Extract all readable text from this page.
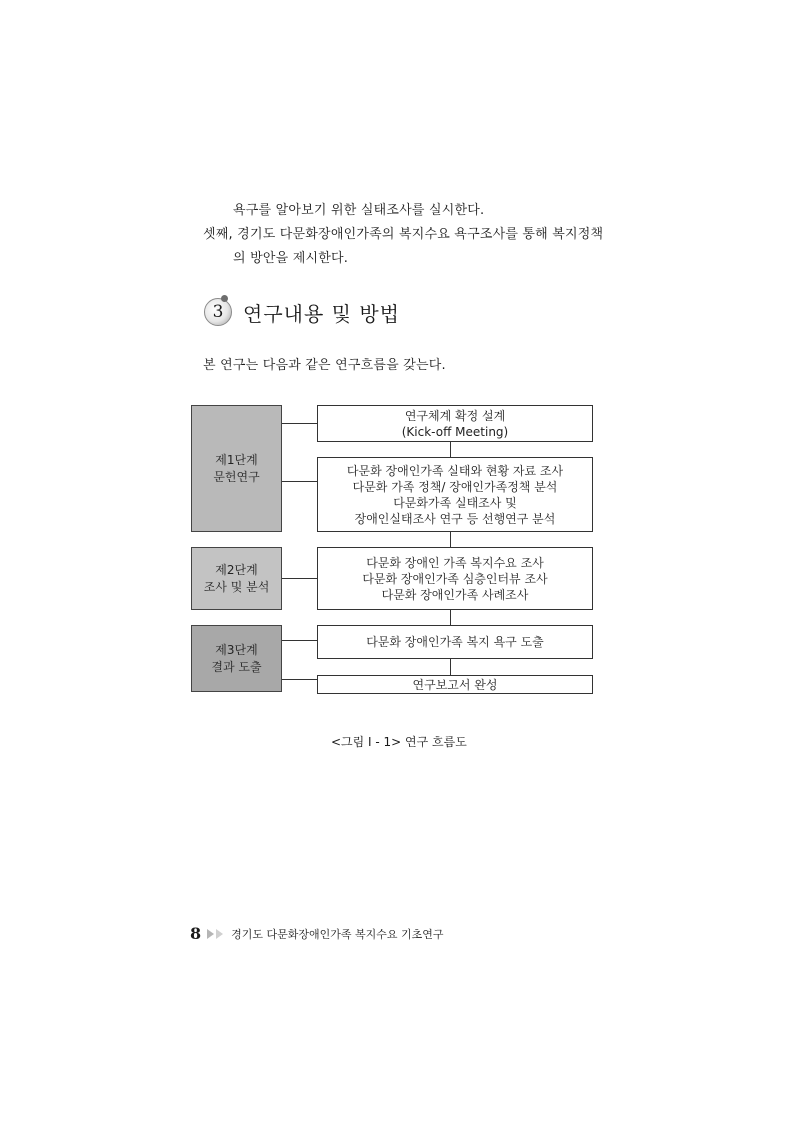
욕구를 알아보기 위한 실태조사를 실시한다.
셋째, 경기도 다문화장애인가족의 복지수요 욕구조사를 통해 복지정책
의 방안을 제시한다.
3 연구내용 및 방법
본 연구는 다음과 같은 연구흐름을 갖는다.
제1단계
문헌연구
제2단계
조사 및 분석
제3단계
결과 도출
연구체계 확정 설계
(Kick-off Meeting)
다문화 장애인가족 실태와 현황 자료 조사
다문화 가족 정책/ 장애인가족정책 분석
다문화가족 실태조사 및
장애인실태조사 연구 등 선행연구 분석
다문화 장애인 가족 복지수요 조사
다문화 장애인가족 심층인터뷰 조사
다문화 장애인가족 사례조사
다문화 장애인가족 복지 욕구 도출
연구보고서 완성
<그림 Ⅰ - 1> 연구 흐름도
8	경기도 다문화장애인가족 복지수요 기초연구
